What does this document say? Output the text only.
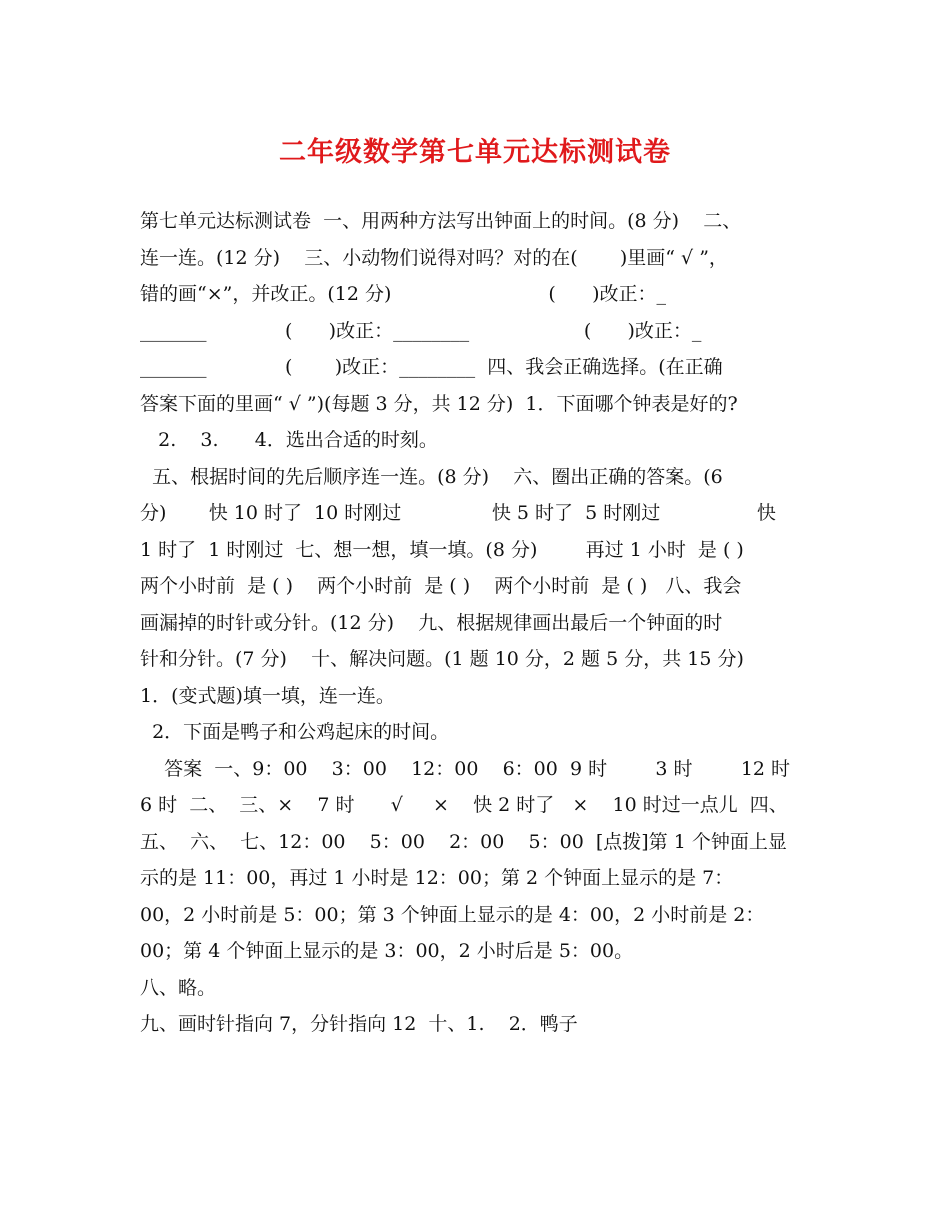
二年级数学第七单元达标测试卷
第七单元达标测试卷  一、用两种方法写出钟面上的时间。(8 分)    二、
连一连。(12 分)    三、小动物们说得对吗？对的在(       )里画“ √ ”，
错的画“×”，并改正。(12 分)                          (      )改正：_
_______             (      )改正：________                   (      )改正：_
_______             (       )改正：________  四、我会正确选择。(在正确
答案下面的里画“ √ ”)(每题 3 分，共 12 分)  1．下面哪个钟表是好的?
2.    3.      4．选出合适的时刻。
五、根据时间的先后顺序连一连。(8 分)    六、圈出正确的答案。(6
分)       快 10 时了  10 时刚过               快 5 时了  5 时刚过                快
1 时了  1 时刚过  七、想一想，填一填。(8 分)        再过 1 小时  是 ( )
两个小时前  是 ( )    两个小时前  是 ( )    两个小时前  是 ( )   八、我会
画漏掉的时针或分针。(12 分)    九、根据规律画出最后一个钟面的时
针和分针。(7 分)    十、解决问题。(1 题 10 分，2 题 5 分，共 15 分)
1．(变式题)填一填，连一连。
2．下面是鸭子和公鸡起床的时间。
答案  一、9：00    3：00    12：00    6：00  9 时        3 时        12 时
6 时  二、  三、×    7 时      √     ×    快 2 时了   ×    10 时过一点儿  四、
五、  六、  七、12：00    5：00    2：00    5：00  [点拨]第 1 个钟面上显
示的是 11：00，再过 1 小时是 12：00；第 2 个钟面上显示的是 7：
00，2 小时前是 5：00；第 3 个钟面上显示的是 4：00，2 小时前是 2：
00；第 4 个钟面上显示的是 3：00，2 小时后是 5：00。
八、略。
九、画时针指向 7，分针指向 12  十、1.    2．鸭子
